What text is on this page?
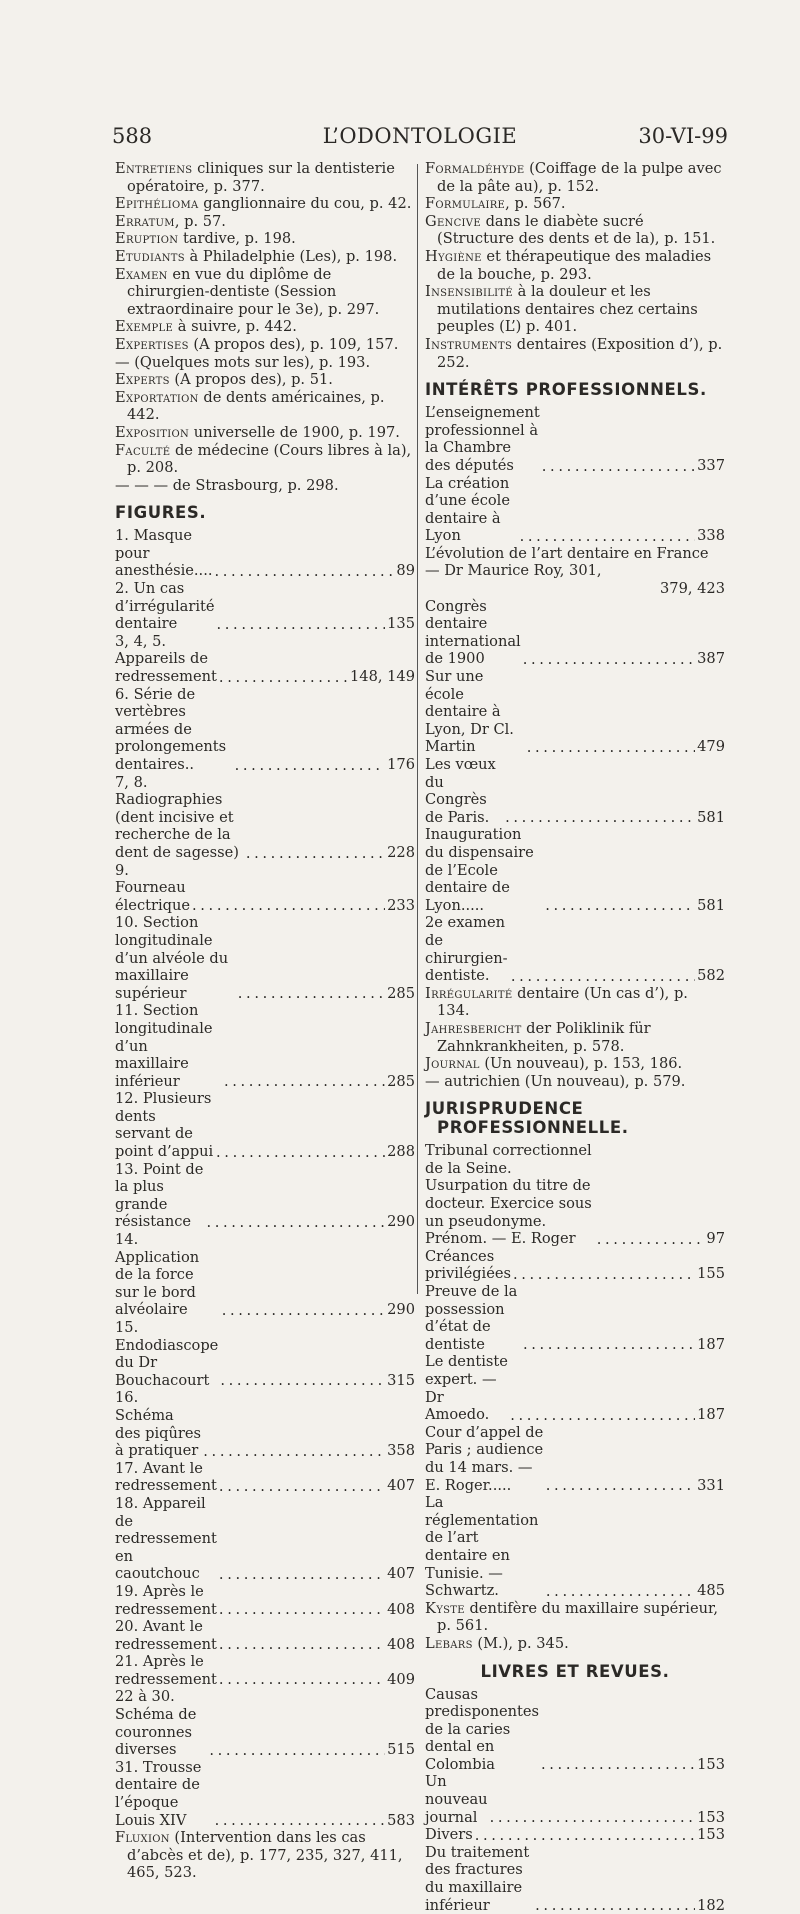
588	L’ODONTOLOGIE	30-VI-99

Entretiens cliniques sur la dentisterie opératoire, p. 377.

Epithélioma ganglionnaire du cou, p. 42.

Erratum, p. 57.

Eruption tardive, p. 198.

Etudiants à Philadelphie (Les), p. 198.

Examen en vue du diplôme de chirurgien-dentiste (Session extraordinaire pour le 3e), p. 297.

Exemple à suivre, p. 442.

Expertises (A propos des), p. 109, 157.

— (Quelques mots sur les), p. 193.

Experts (A propos des), p. 51.

Exportation de dents américaines, p. 442.

Exposition universelle de 1900, p. 197.

Faculté de médecine (Cours libres à la), p. 208.

— — — de Strasbourg, p. 298.

FIGURES.
1. Masque pour anesthésie.... . . .	89
2. Un cas d’irrégularité dentaire . . .	135
3, 4, 5. Appareils de redressement . . .	148, 149
6. Série de vertèbres armées de prolongements dentaires.. . . .	176
7, 8. Radiographies (dent incisive et recherche de la dent de sagesse) . . .	228
9. Fourneau électrique . . .	233
10. Section longitudinale d’un alvéole du maxillaire supérieur . . .	285
11. Section longitudinale d’un maxillaire inférieur . . .	285
12. Plusieurs dents servant de point d’appui . . .	288
13. Point de la plus grande résistance . . .	290
14. Application de la force sur le bord alvéolaire . . .	290
15. Endodiascope du Dr Bouchacourt . . .	315
16. Schéma des piqûres à pratiquer . . .	358
17. Avant le redressement . . .	407
18. Appareil de redressement en caoutchouc . . .	407
19. Après le redressement . . .	408
20. Avant le redressement . . .	408
21. Après le redressement . . .	409
22 à 30. Schéma de couronnes diverses . . .	515
31. Trousse dentaire de l’époque Louis XIV . . .	583

Fluxion (Intervention dans les cas d’abcès et de), p. 177, 235, 327, 411, 465, 523.

Formaldéhyde (Coiffage de la pulpe avec de la pâte au), p. 152.

Formulaire, p. 567.

Gencive dans le diabète sucré (Structure des dents et de la), p. 151.

Hygiène et thérapeutique des maladies de la bouche, p. 293.

Insensibilité à la douleur et les mutilations dentaires chez certains peuples (L’) p. 401.

Instruments dentaires (Exposition d’), p. 252.

INTÉRÊTS PROFESSIONNELS.
L’enseignement professionnel à la Chambre des députés . . .	337
La création d’une école dentaire à Lyon . . .	338
L’évolution de l’art dentaire en France — Dr Maurice Roy, 301,

379, 423

Congrès dentaire international de 1900 . . .	387
Sur une école dentaire à Lyon, Dr Cl. Martin . . .	479
Les vœux du Congrès de Paris. . . .	581
Inauguration du dispensaire de l’Ecole dentaire de Lyon..... . . .	581
2e examen de chirurgien-dentiste. . . .	582

Irrégularité dentaire (Un cas d’), p. 134.

Jahresbericht der Poliklinik für Zahnkrankheiten, p. 578.

Journal (Un nouveau), p. 153, 186.

— autrichien (Un nouveau), p. 579.

JURISPRUDENCE PROFESSIONNELLE.
Tribunal correctionnel de la Seine. Usurpation du titre de docteur. Exercice sous un pseudonyme. Prénom. — E. Roger . . .	97
Créances privilégiées . . .	155
Preuve de la possession d’état de dentiste . . .	187
Le dentiste expert. — Dr Amoedo. . . .	187
Cour d’appel de Paris ; audience du 14 mars. — E. Roger..... . . .	331
La réglementation de l’art dentaire en Tunisie. — Schwartz. . . .	485

Kyste dentifère du maxillaire supérieur, p. 561.

Lebars (M.), p. 345.

LIVRES ET REVUES.
Causas predisponentes de la caries dental en Colombia . . .	153
Un nouveau journal . . .	153
Divers . . .	153
Du traitement des fractures du maxillaire inférieur . . .	182
